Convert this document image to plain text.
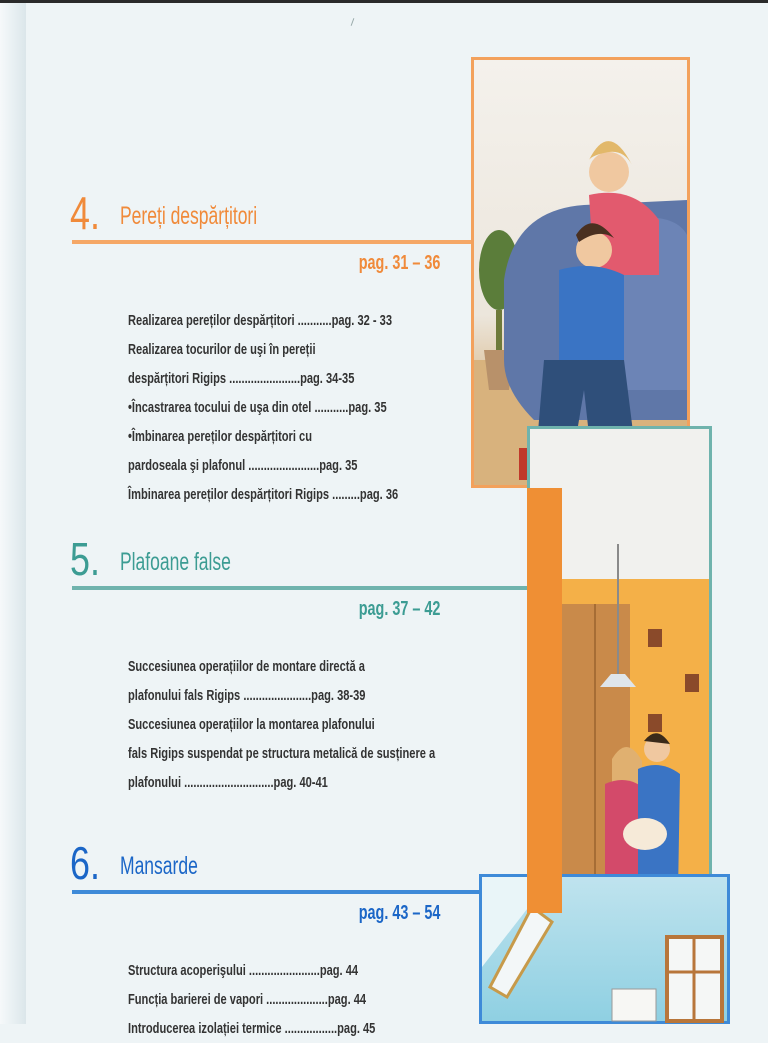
4. Pereți despărțitori
pag. 31 – 36
Realizarea pereților despărțitori ...........pag. 32 - 33
Realizarea tocurilor de uşi în pereții
despărțitori Rigips .......................pag. 34-35
•Încastrarea tocului de uşa din otel ...........pag. 35
•Îmbinarea pereților despărțitori cu
pardoseala şi plafonul .......................pag. 35
Îmbinarea pereților despărțitori Rigips .........pag. 36
5. Plafoane false
pag. 37 – 42
Succesiunea operațiilor de montare directă a
plafonului fals Rigips ......................pag. 38-39
Succesiunea operațiilor la montarea plafonului
fals Rigips suspendat pe structura metalică de susținere a
plafonului .............................pag. 40-41
6. Mansarde
pag. 43 – 54
Structura acoperişului .......................pag. 44
Funcția barierei de vapori ....................pag. 44
Introducerea izolației termice .................pag. 45
